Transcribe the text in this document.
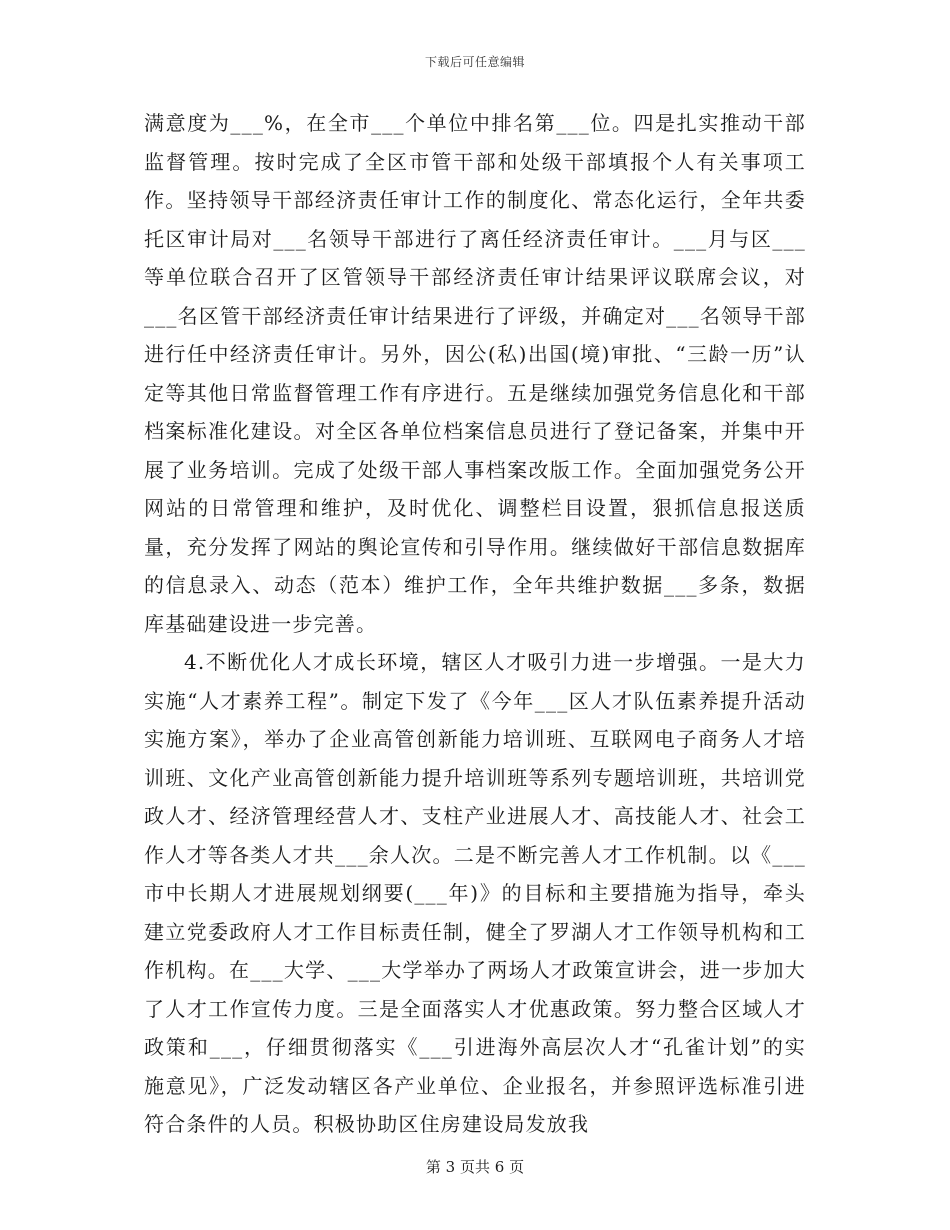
下载后可任意编辑

满意度为___%，在全市___个单位中排名第___位。四是扎实推动干部监督管理。按时完成了全区市管干部和处级干部填报个人有关事项工作。坚持领导干部经济责任审计工作的制度化、常态化运行，全年共委托区审计局对___名领导干部进行了离任经济责任审计。___月与区___等单位联合召开了区管领导干部经济责任审计结果评议联席会议，对___名区管干部经济责任审计结果进行了评级，并确定对___名领导干部进行任中经济责任审计。另外，因公(私)出国(境)审批、“三龄一历”认定等其他日常监督管理工作有序进行。五是继续加强党务信息化和干部档案标准化建设。对全区各单位档案信息员进行了登记备案，并集中开展了业务培训。完成了处级干部人事档案改版工作。全面加强党务公开网站的日常管理和维护，及时优化、调整栏目设置，狠抓信息报送质量，充分发挥了网站的舆论宣传和引导作用。继续做好干部信息数据库的信息录入、动态（范本）维护工作，全年共维护数据___多条，数据库基础建设进一步完善。

4.不断优化人才成长环境，辖区人才吸引力进一步增强。一是大力实施“人才素养工程”。制定下发了《今年___区人才队伍素养提升活动实施方案》，举办了企业高管创新能力培训班、互联网电子商务人才培训班、文化产业高管创新能力提升培训班等系列专题培训班，共培训党政人才、经济管理经营人才、支柱产业进展人才、高技能人才、社会工作人才等各类人才共___余人次。二是不断完善人才工作机制。以《___市中长期人才进展规划纲要(___年)》的目标和主要措施为指导，牵头建立党委政府人才工作目标责任制，健全了罗湖人才工作领导机构和工作机构。在___大学、___大学举办了两场人才政策宣讲会，进一步加大了人才工作宣传力度。三是全面落实人才优惠政策。努力整合区域人才政策和___，仔细贯彻落实《___引进海外高层次人才“孔雀计划”的实施意见》，广泛发动辖区各产业单位、企业报名，并参照评选标准引进符合条件的人员。积极协助区住房建设局发放我

第 3 页共 6 页
